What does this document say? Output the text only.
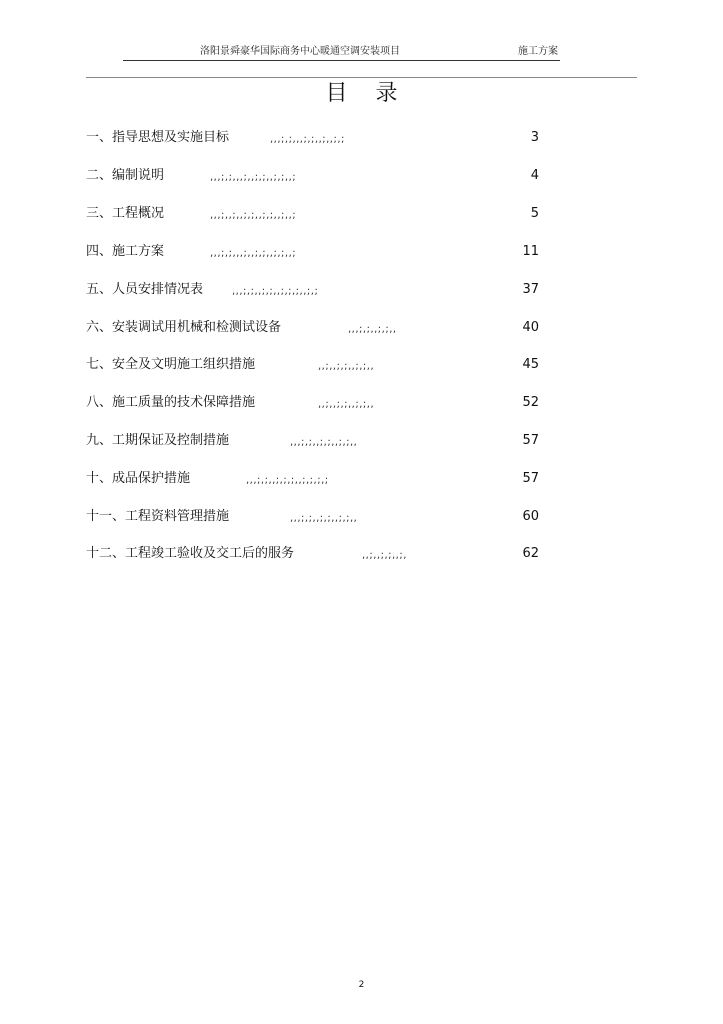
洛阳景舜豪华国际商务中心暖通空调安装项目	施工方案
目录
一、指导思想及实施目标	,,,;,;,,,;,;,,;,,;,;	3
二、编制说明	,,,;,;,,,;,,;,;,,;,;,,;	4
三、工程概况	,,,;,,;,,;,;,,;,;,,;,,;	5
四、施工方案	,,,;,;,,,;,,;,;,,;,;,,;	11
五、人员安排情况表	,,,;,;,,;,;,,;,;,;,,;,;	37
六、安装调试用机械和检测试设备	,,,;,;,,;,;,,	40
七、安全及文明施工组织措施	,,;,,;,;,,;,;,,	45
八、施工质量的技术保障措施	,,;,,;,;,,;,;,,	52
九、工期保证及控制措施	,,,;,;,,;,;,,;,;,,	57
十、成品保护措施	,,,;,;,,;,;,;,,;,;,;,;	57
十一、工程资料管理措施	,,,;,;,,;,;,,;,;,,	60
十二、工程竣工验收及交工后的服务	,,;,,;,;,,;,	62
2
